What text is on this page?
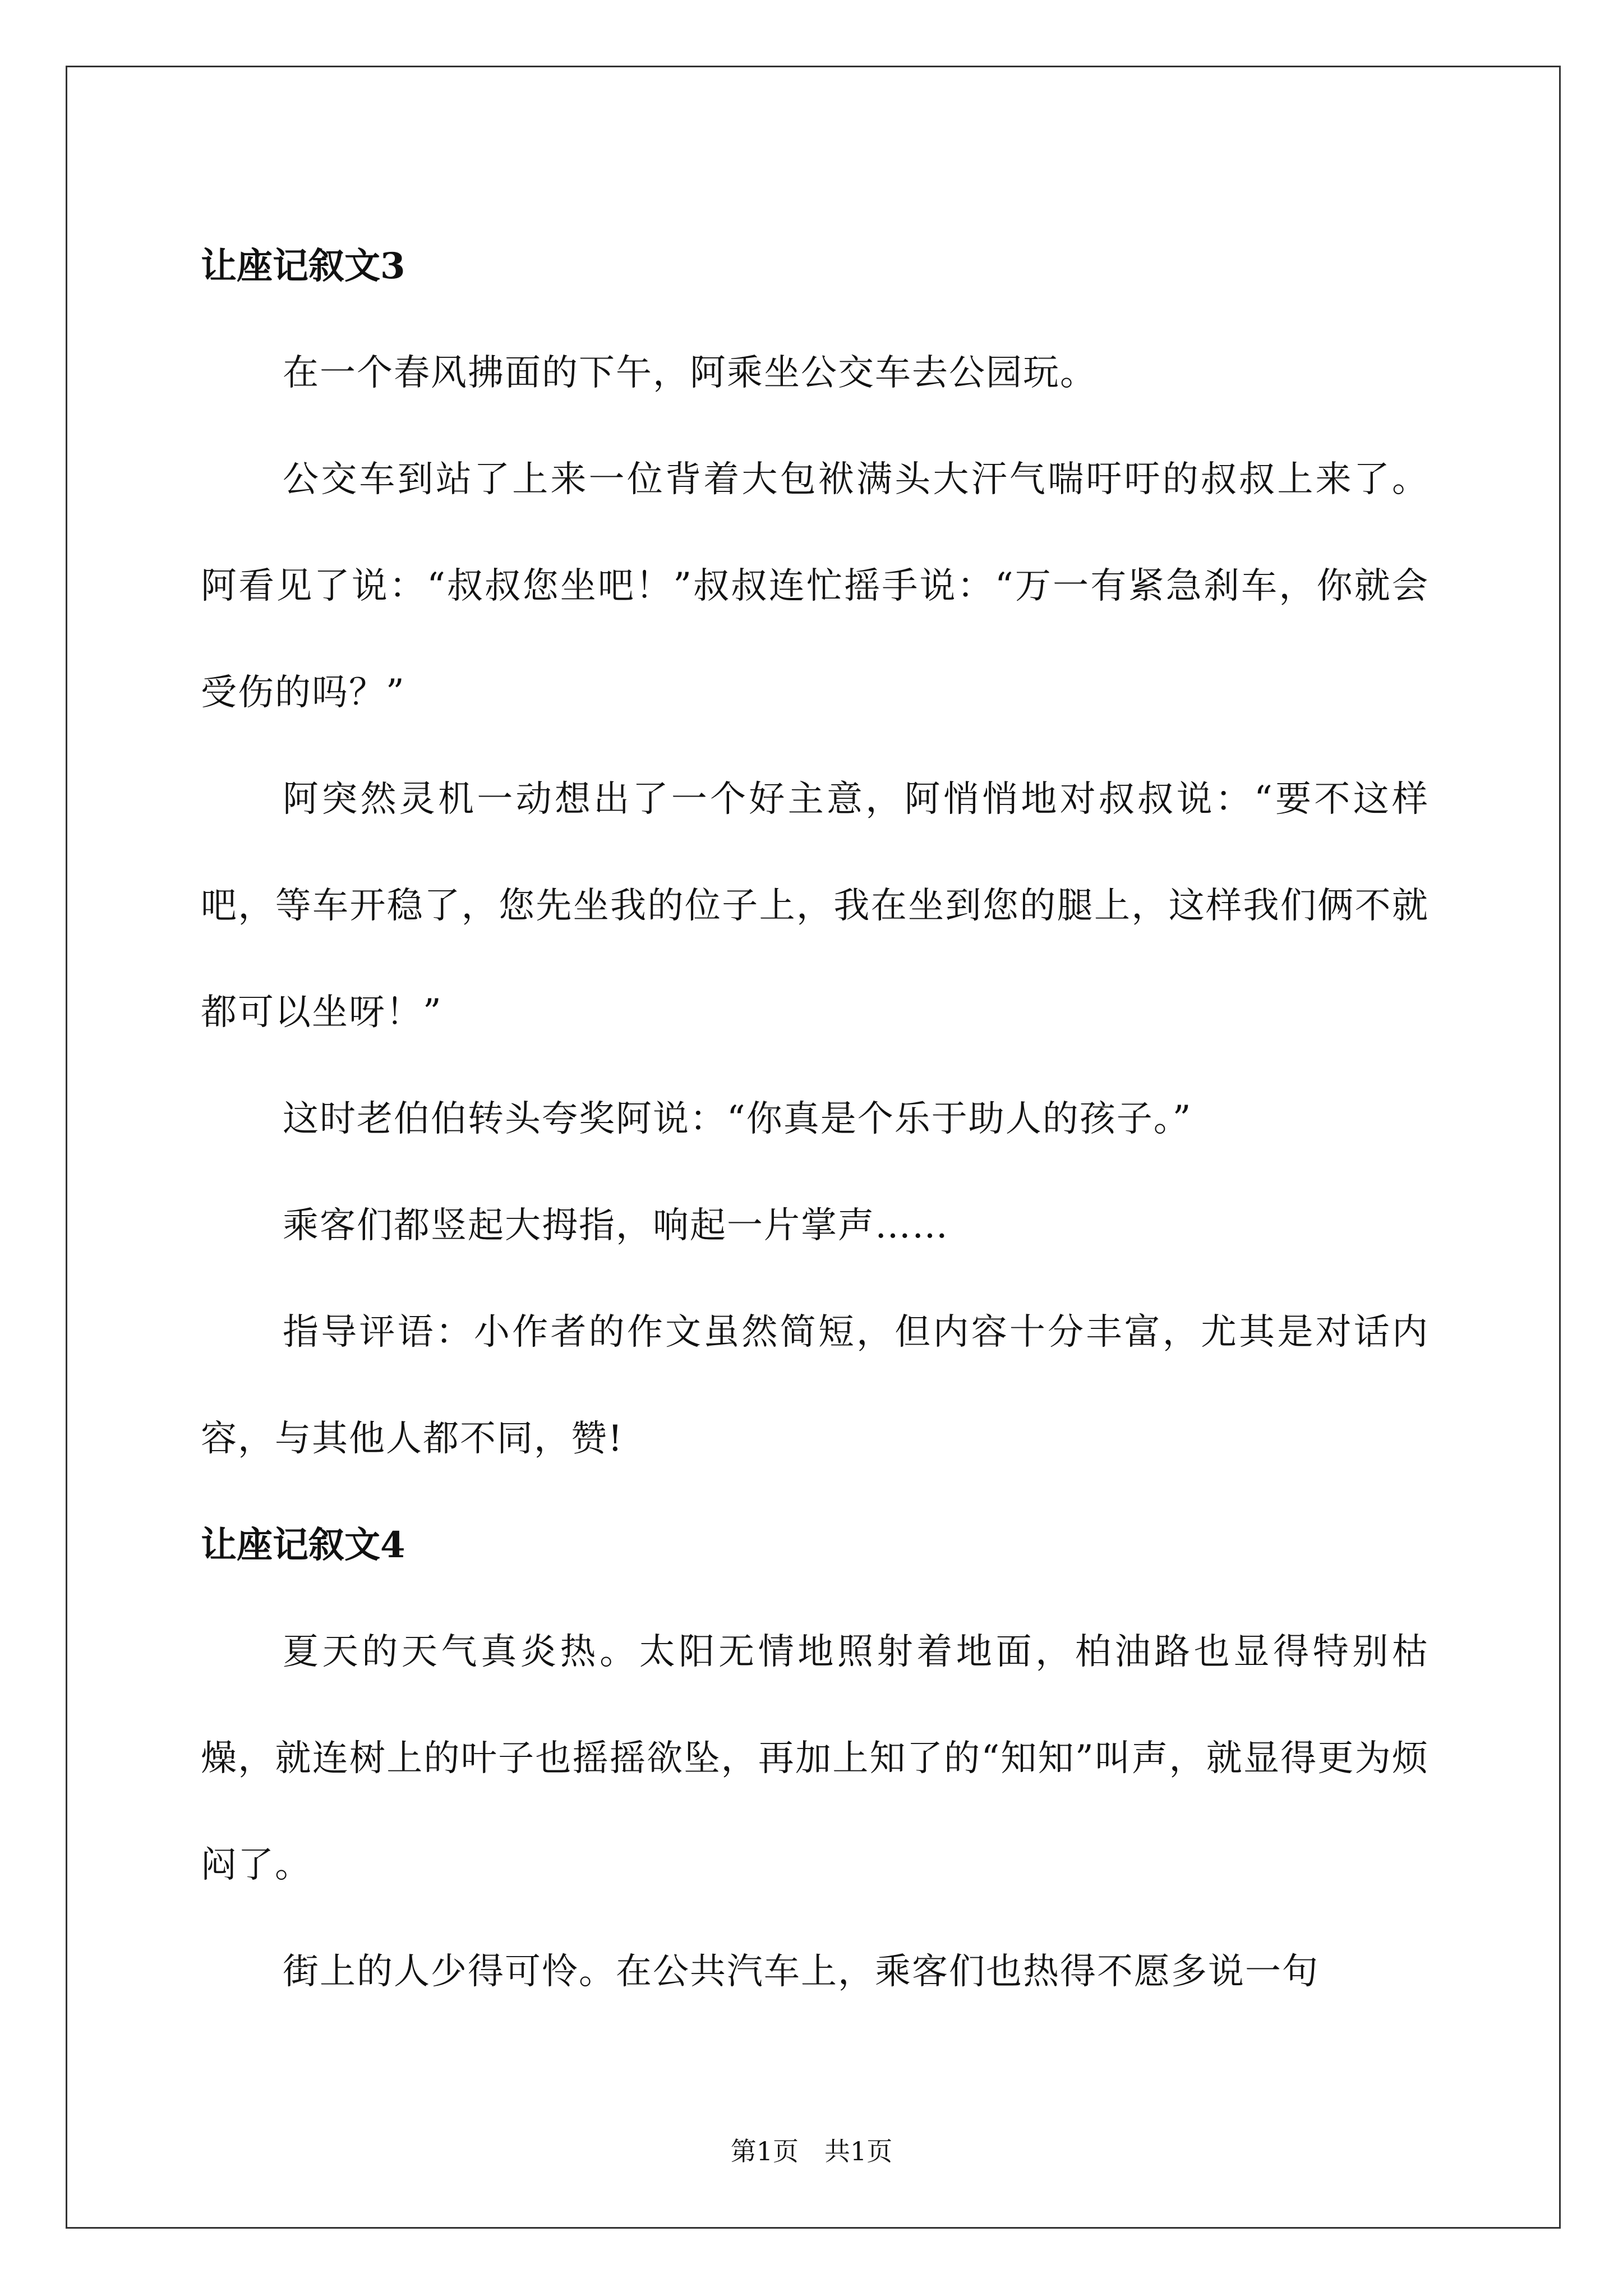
让座记叙文3

在一个春风拂面的下午，阿乘坐公交车去公园玩。

公交车到站了上来一位背着大包袱满头大汗气喘吁吁的叔叔上来了。阿看见了说：“叔叔您坐吧！”叔叔连忙摇手说：“万一有紧急刹车，你就会受伤的吗？”

阿突然灵机一动想出了一个好主意，阿悄悄地对叔叔说：“要不这样吧，等车开稳了，您先坐我的位子上，我在坐到您的腿上，这样我们俩不就都可以坐呀！”

这时老伯伯转头夸奖阿说：“你真是个乐于助人的孩子。”

乘客们都竖起大拇指，响起一片掌声……

指导评语：小作者的作文虽然简短，但内容十分丰富，尤其是对话内容，与其他人都不同，赞!

让座记叙文4

夏天的天气真炎热。太阳无情地照射着地面，柏油路也显得特别枯燥，就连树上的叶子也摇摇欲坠，再加上知了的“知知”叫声，就显得更为烦闷了。

街上的人少得可怜。在公共汽车上，乘客们也热得不愿多说一句

第1页　共1页
